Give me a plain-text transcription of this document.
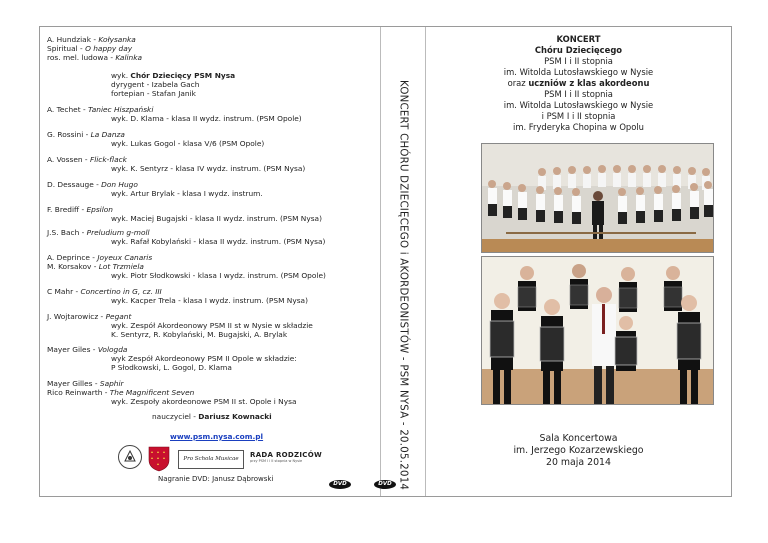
A. Hundziak - Kołysanka
Spiritual - O happy day
ros. mel. ludowa - Kalinka
wyk. Chór Dziecięcy PSM Nysa
dyrygent - Izabela Gach
fortepian - Stafan Janik
A. Techet - Taniec Hiszpański
wyk. D. Klama - klasa II wydz. instrum. (PSM Opole)
G. Rossini - La Danza
wyk. Lukas Gogol - klasa V/6 (PSM Opole)
A. Vossen - Flick-flack
wyk. K. Sentyrz - klasa IV wydz. instrum. (PSM Nysa)
D. Dessauge - Don Hugo
wyk. Artur Brylak - klasa I wydz. instrum.
F. Brediff - Epsilon
wyk. Maciej Bugajski - klasa II wydz. instrum. (PSM Nysa)
J.S. Bach - Preludium g-moll
wyk. Rafał Kobylański - klasa II wydz. instrum. (PSM Nysa)
A. Deprince - Joyeux Canaris
M. Korsakov - Lot Trzmiela
wyk. Piotr Słodkowski - klasa I wydz. instrum. (PSM Opole)
C Mahr - Concertino in G, cz. III
wyk. Kacper Trela - klasa I wydz. instrum. (PSM Nysa)
J. Wojtarowicz - Pegant
wyk. Zespół Akordeonowy PSM II st w Nysie w składzie
K. Sentyrz, R. Kobylański, M. Bugajski, A. Brylak
Mayer Giles - Vologda
wyk Zespół Akordeonowy PSM II Opole w składzie:
P Słodkowski, L. Gogol, D. Klama
Mayer Gilles - Saphir
Rico Reinwarth - The Magnificent Seven
wyk. Zespoły akordeonowe PSM II st. Opole i Nysa
nauczyciel - Dariusz Kownacki
www.psm.nysa.com.pl
Pro Schola Musicae	RADA RODZICÓW
przy PSM I i II stopnia w Nysie
Nagranie DVD: Janusz Dąbrowski
DVD	KONCERT CHÓRU DZIECIĘCEGO i AKORDEONISTÓW - PSM NYSA - 20.05.2014
DVD
KONCERT
Chóru Dziecięcego
PSM I i II stopnia
im. Witolda Lutosławskiego w Nysie
oraz uczniów z klas akordeonu
PSM I i II stopnia
im. Witolda Lutosławskiego w Nysie
i PSM I i II stopnia
im. Fryderyka Chopina w Opolu
Sala Koncertowa
im. Jerzego Kozarzewskiego
20 maja 2014
